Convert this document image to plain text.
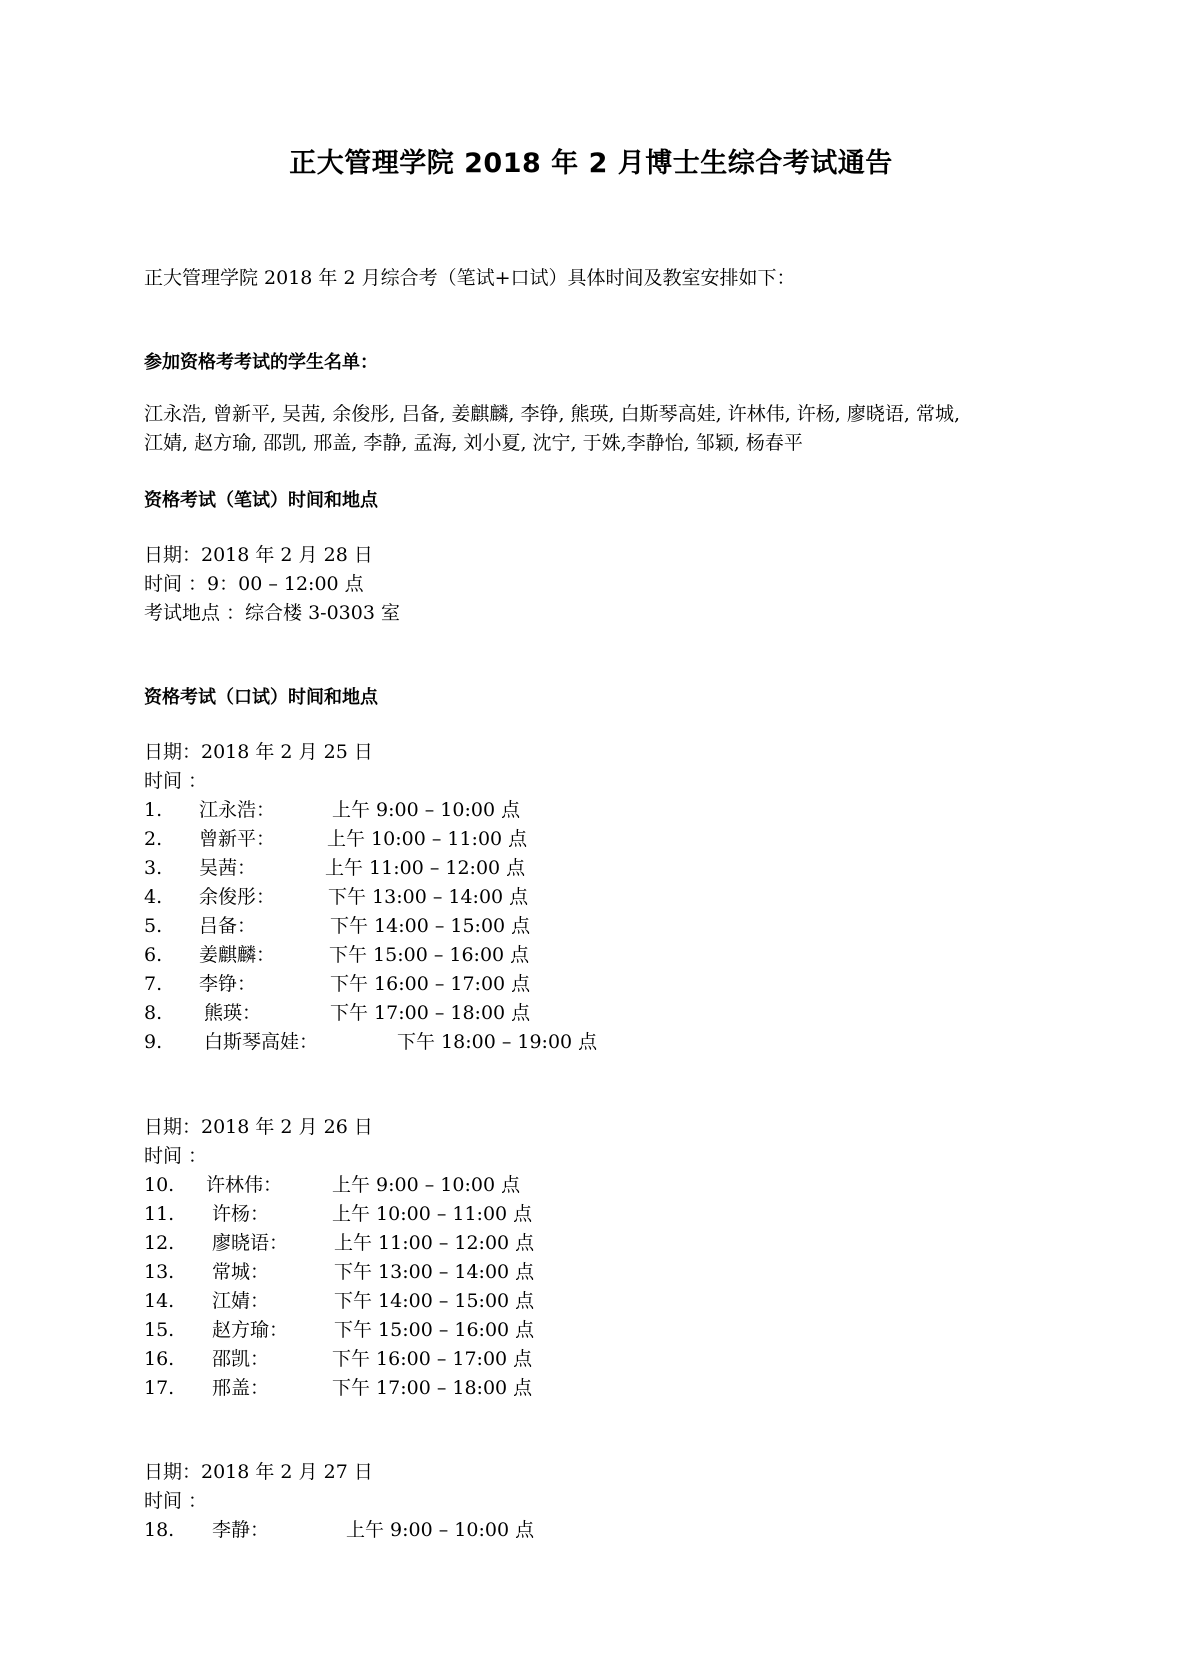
正大管理学院 2018 年 2 月博士生综合考试通告
正大管理学院 2018 年 2 月综合考（笔试+口试）具体时间及教室安排如下：
参加资格考考试的学生名单：
江永浩, 曾新平, 吴茜, 余俊彤, 吕备, 姜麒麟, 李铮, 熊瑛, 白斯琴高娃, 许林伟, 许杨, 廖晓语, 常城,
江婧, 赵方瑜, 邵凯, 邢盖, 李静, 孟海, 刘小夏, 沈宁, 于姝,李静怡, 邹颖, 杨春平
资格考试（笔试）时间和地点
日期：2018 年 2 月 28 日
时间 ：9：00 – 12:00 点
考试地点 ：综合楼 3-0303 室
资格考试（口试）时间和地点
日期：2018 年 2 月 25 日
时间 ：
1. 江永浩：	上午 9:00 – 10:00 点
2. 曾新平：	上午 10:00 – 11:00 点
3. 吴茜：	上午 11:00 – 12:00 点
4. 余俊彤：	下午 13:00 – 14:00 点
5. 吕备：	下午 14:00 – 15:00 点
6. 姜麒麟：	下午 15:00 – 16:00 点
7. 李铮：	下午 16:00 – 17:00 点
8. 熊瑛：	下午 17:00 – 18:00 点
9. 白斯琴高娃：	下午 18:00 – 19:00 点
日期：2018 年 2 月 26 日
时间 ：
10. 许林伟：	上午 9:00 – 10:00 点
11. 许杨：	上午 10:00 – 11:00 点
12. 廖晓语： 上午 11:00 – 12:00 点
13. 常城：	下午 13:00 – 14:00 点
14. 江婧：	下午 14:00 – 15:00 点
15. 赵方瑜： 下午 15:00 – 16:00 点
16. 邵凯：	下午 16:00 – 17:00 点
17. 邢盖：	下午 17:00 – 18:00 点
日期：2018 年 2 月 27 日
时间 ：
18. 李静：	上午 9:00 – 10:00 点
